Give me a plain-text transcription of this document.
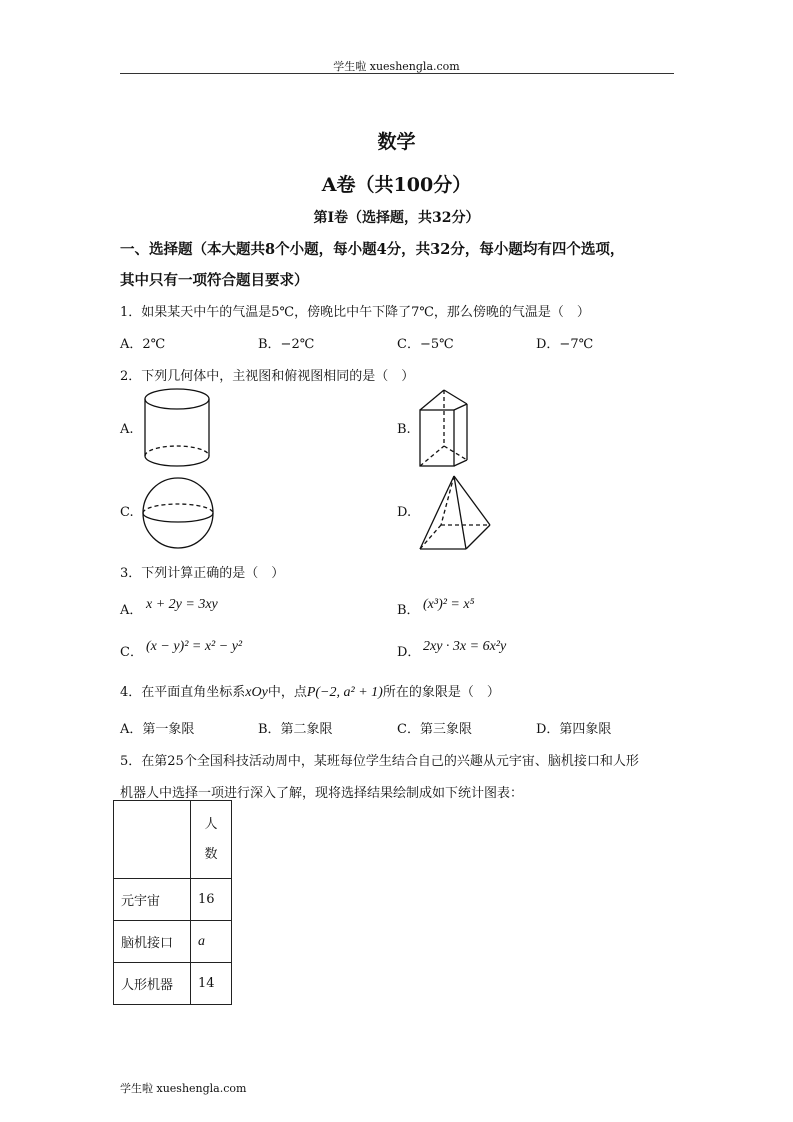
学生啦 xueshengla.com
数学
A卷（共100分）
第I卷（选择题，共32分）
一、选择题（本大题共8个小题，每小题4分，共32分，每小题均有四个选项，
其中只有一项符合题目要求）
1．如果某天中午的气温是5℃，傍晚比中午下降了7℃，那么傍晚的气温是（　）
A．2℃	B．−2℃	C．−5℃	D．−7℃
2．下列几何体中，主视图和俯视图相同的是（　）
A.	B.
C.	D.
3．下列计算正确的是（　）
A． x + 2y = 3xy	B． (x³)² = x⁵
C． (x − y)² = x² − y²	D． 2xy · 3x = 6x²y
4．在平面直角坐标系xOy中，点P(−2, a² + 1)所在的象限是（　）
A．第一象限	B．第二象限	C．第三象限	D．第四象限
5．在第25个全国科技活动周中，某班每位学生结合自己的兴趣从元宇宙、脑机接口和人形
机器人中选择一项进行深入了解，现将选择结果绘制成如下统计图表：

	人
数

元宇宙	16
脑机接口	a
人形机器	14
学生啦 xueshengla.com
